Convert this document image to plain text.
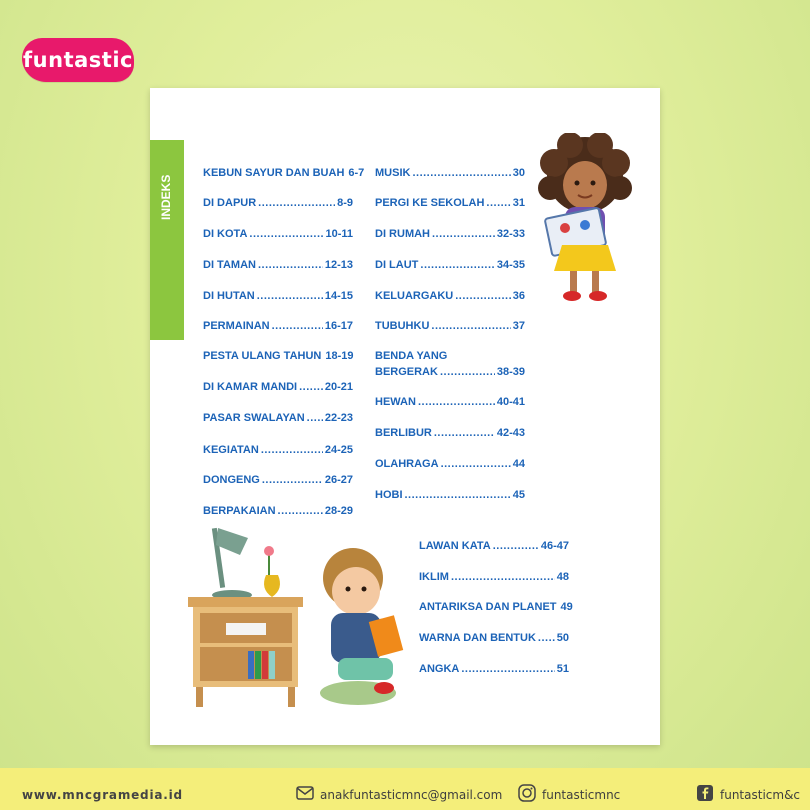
funtastic
INDEKS
KEBUN SAYUR DAN BUAH 6-7
DI DAPUR .....	8-9
DI KOTA .....	10-11
DI TAMAN .....	12-13
DI HUTAN .....	14-15
PERMAINAN .....	16-17
PESTA ULANG TAHUN 18-19
DI KAMAR MANDI .....	20-21
PASAR SWALAYAN ..... 22-23
KEGIATAN .....	24-25
DONGENG .....	26-27
BERPAKAIAN .....	28-29
MUSIK .....	30
PERGI KE SEKOLAH .....	31
DI RUMAH .....	32-33
DI LAUT .....	34-35
KELUARGAKU .....	36
TUBUHKU .....	37
BENDA YANG
BERGERAK .....	38-39
HEWAN .....	40-41
BERLIBUR .....	42-43
OLAHRAGA .....	44
HOBI .....	45
LAWAN KATA .....	46-47
IKLIM .....	48
ANTARIKSA DAN PLANET 49
WARNA DAN BENTUK ..... 50
ANGKA .....	51
www.mncgramedia.id	anakfuntasticmnc@gmail.com	funtasticmnc	funtasticm&c
